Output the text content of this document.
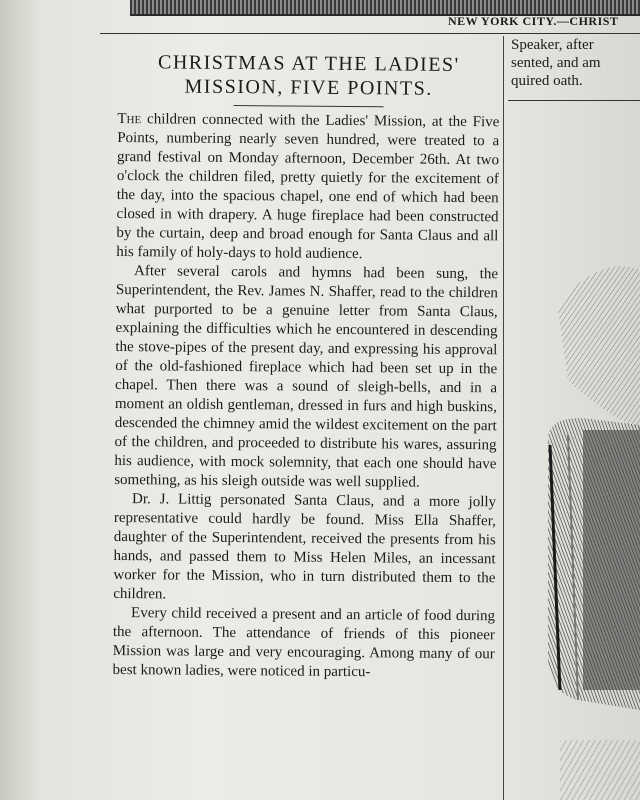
NEW YORK CITY.—CHRIST
CHRISTMAS AT THE LADIES'
MISSION, FIVE POINTS.

The children connected with the Ladies' Mission, at the Five Points, numbering nearly seven hundred, were treated to a grand festival on Monday afternoon, December 26th. At two o'clock the children filed, pretty quietly for the excitement of the day, into the spacious chapel, one end of which had been closed in with drapery. A huge fireplace had been constructed by the curtain, deep and broad enough for Santa Claus and all his family of holy-days to hold audience.

After several carols and hymns had been sung, the Superintendent, the Rev. James N. Shaffer, read to the children what purported to be a genuine letter from Santa Claus, explaining the difficulties which he encountered in descending the stove-pipes of the present day, and expressing his approval of the old-fashioned fireplace which had been set up in the chapel. Then there was a sound of sleigh-bells, and in a moment an oldish gentleman, dressed in furs and high buskins, descended the chimney amid the wildest excitement on the part of the children, and proceeded to distribute his wares, assuring his audience, with mock solemnity, that each one should have something, as his sleigh outside was well supplied.

Dr. J. Littig personated Santa Claus, and a more jolly representative could hardly be found. Miss Ella Shaffer, daughter of the Superintendent, received the presents from his hands, and passed them to Miss Helen Miles, an incessant worker for the Mission, who in turn distributed them to the children.

Every child received a present and an article of food during the afternoon. The attendance of friends of this pioneer Mission was large and very encouraging. Among many of our best known ladies, were noticed in particu-

Speaker, after
sented, and am
quired oath.
